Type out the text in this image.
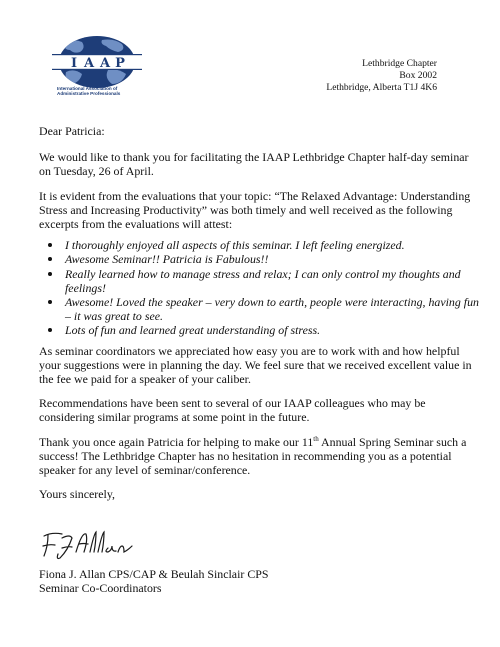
I A A P
International Association of
Administrative Professionals
Lethbridge Chapter
Box 2002
Lethbridge, Alberta T1J 4K6
Dear Patricia:

We would like to thank you for facilitating the IAAP Lethbridge Chapter half-day seminar on Tuesday, 26 of April.

It is evident from the evaluations that your topic: “The Relaxed Advantage: Understanding Stress and Increasing Productivity” was both timely and well received as the following excerpts from the evaluations will attest:

I thoroughly enjoyed all aspects of this seminar. I left feeling energized.
Awesome Seminar!! Patricia is Fabulous!!
Really learned how to manage stress and relax; I can only control my thoughts and feelings!
Awesome! Loved the speaker – very down to earth, people were interacting, having fun – it was great to see.
Lots of fun and learned great understanding of stress.

As seminar coordinators we appreciated how easy you are to work with and how helpful your suggestions were in planning the day. We feel sure that we received excellent value in the fee we paid for a speaker of your caliber.

Recommendations have been sent to several of our IAAP colleagues who may be considering similar programs at some point in the future.

Thank you once again Patricia for helping to make our 11th Annual Spring Seminar such a success! The Lethbridge Chapter has no hesitation in recommending you as a potential speaker for any level of seminar/conference.

Yours sincerely,
Fiona J. Allan CPS/CAP & Beulah Sinclair CPS
Seminar Co-Coordinators
